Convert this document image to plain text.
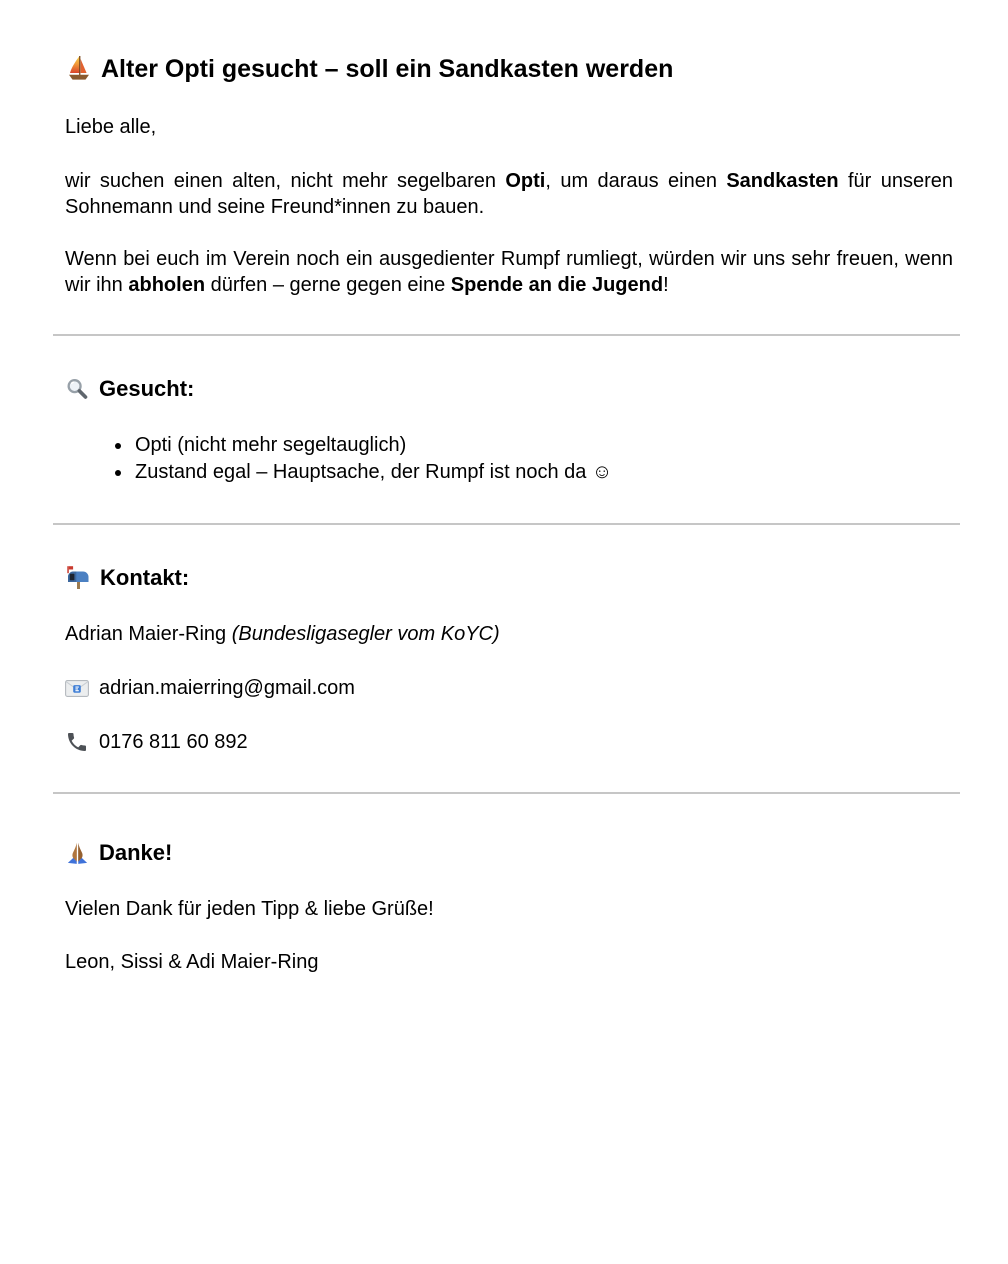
Alter Opti gesucht – soll ein Sandkasten werden

Liebe alle,

wir suchen einen alten, nicht mehr segelbaren Opti, um daraus einen Sandkasten für unseren Sohnemann und seine Freund*innen zu bauen.

Wenn bei euch im Verein noch ein ausgedienter Rumpf rumliegt, würden wir uns sehr freuen, wenn wir ihn abholen dürfen – gerne gegen eine Spende an die Jugend!

Gesucht:
• Opti (nicht mehr segeltauglich)
• Zustand egal – Hauptsache, der Rumpf ist noch da ☺
Kontakt:

Adrian Maier-Ring (Bundesligasegler vom KoYC)

adrian.maierring@gmail.com

0176 811 60 892

Danke!

Vielen Dank für jeden Tipp & liebe Grüße!

Leon, Sissi & Adi Maier-Ring
